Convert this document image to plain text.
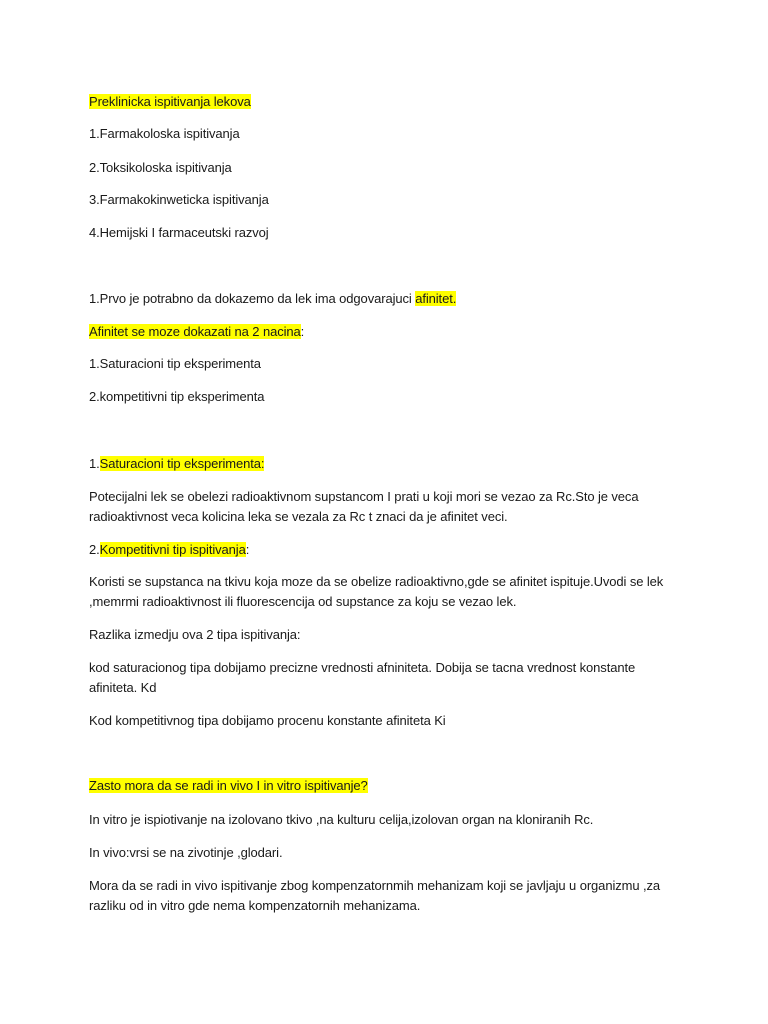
Preklinicka ispitivanja lekova
1.Farmakoloska ispitivanja
2.Toksikoloska ispitivanja
3.Farmakokinweticka ispitivanja
4.Hemijski I farmaceutski razvoj
1.Prvo je potrabno da dokazemo da lek ima odgovarajuci afinitet.
Afinitet se moze dokazati na 2 nacina:
1.Saturacioni tip eksperimenta
2.kompetitivni tip eksperimenta
1.Saturacioni tip eksperimenta:
Potecijalni lek se obelezi radioaktivnom supstancom I prati u koji mori se vezao za Rc.Sto je veca
radioaktivnost veca kolicina leka se vezala za Rc t znaci da je afinitet veci.
2.Kompetitivni tip ispitivanja:
Koristi se supstanca na tkivu koja moze da se obelize radioaktivno,gde se afinitet ispituje.Uvodi se lek
,memrmi radioaktivnost ili fluorescencija od supstance za koju se vezao lek.
Razlika izmedju ova 2 tipa ispitivanja:
kod saturacionog tipa dobijamo precizne vrednosti afniniteta. Dobija se tacna vrednost konstante
afiniteta. Kd
Kod kompetitivnog tipa dobijamo procenu konstante afiniteta Ki
Zasto mora da se radi in vivo I in vitro ispitivanje?
In vitro je ispiotivanje na izolovano tkivo ,na kulturu celija,izolovan organ na kloniranih Rc.
In vivo:vrsi se na zivotinje ,glodari.
Mora da se radi in vivo ispitivanje zbog kompenzatornmih mehanizam koji se javljaju u organizmu ,za
razliku od in vitro gde nema kompenzatornih mehanizama.
